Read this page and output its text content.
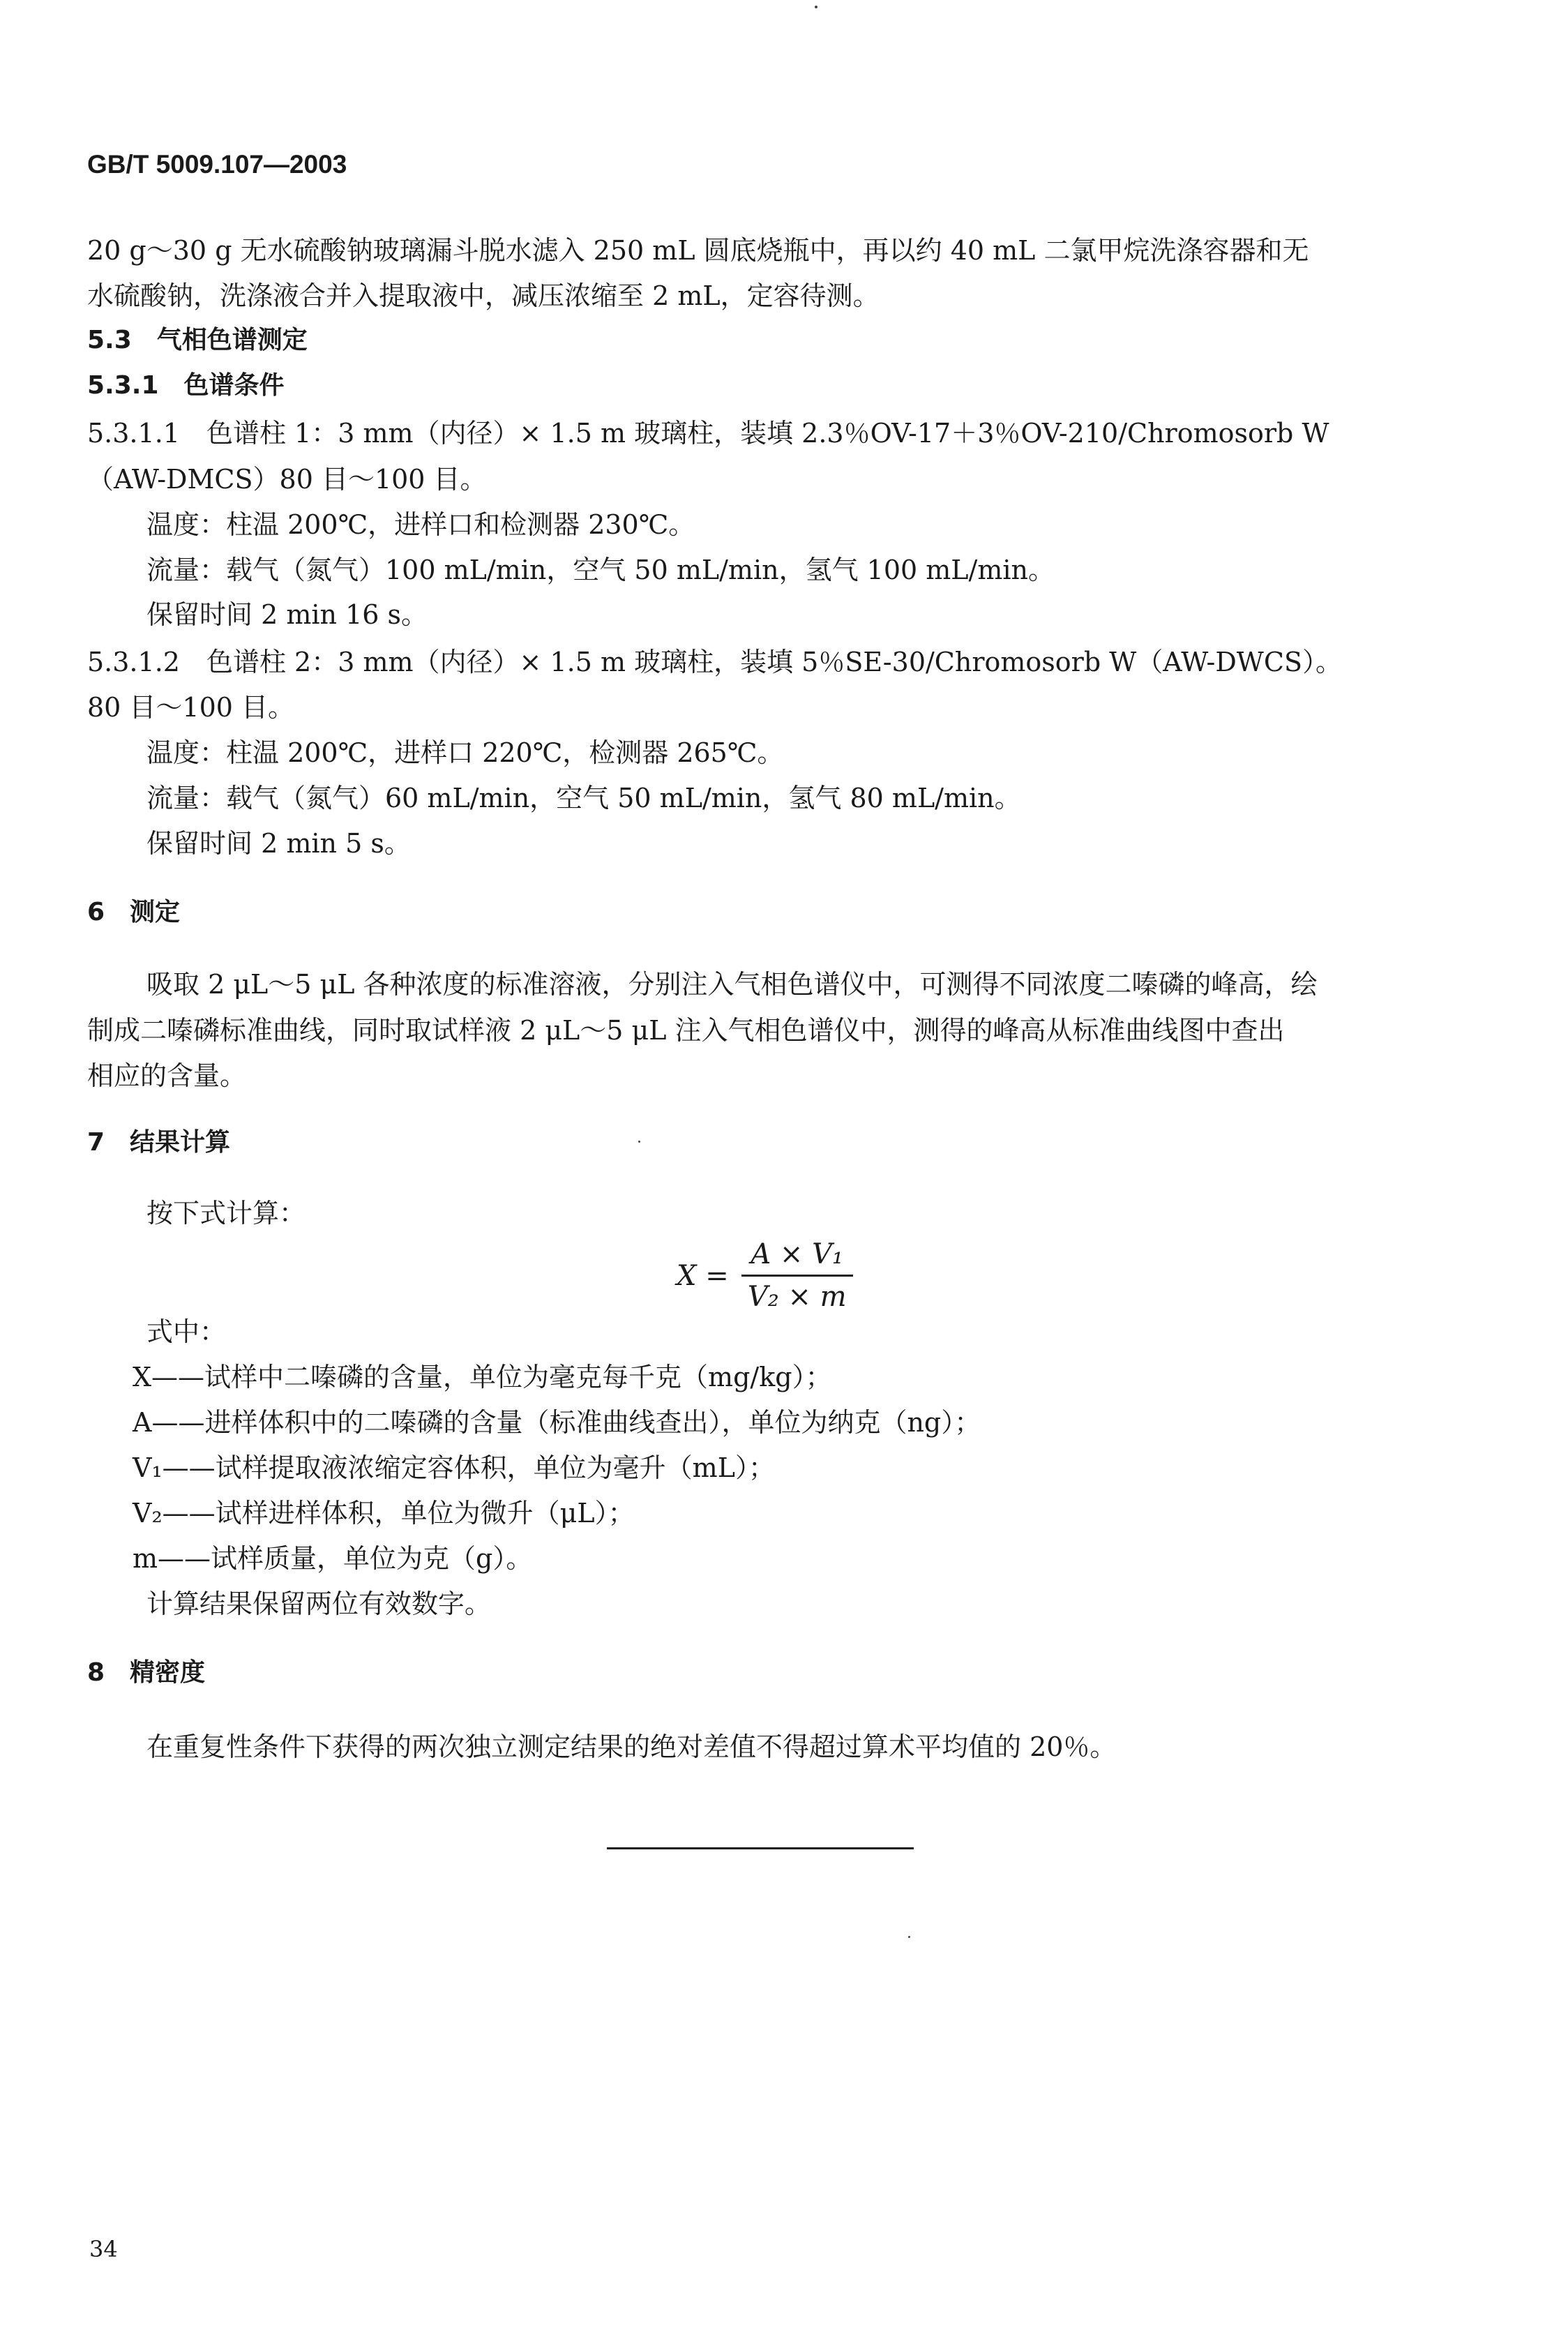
GB/T 5009.107—2003
20 g～30 g 无水硫酸钠玻璃漏斗脱水滤入 250 mL 圆底烧瓶中，再以约 40 mL 二氯甲烷洗涤容器和无
水硫酸钠，洗涤液合并入提取液中，减压浓缩至 2 mL，定容待测。
5.3　气相色谱测定
5.3.1　色谱条件
5.3.1.1　色谱柱 1：3 mm（内径）× 1.5 m 玻璃柱，装填 2.3％OV-17＋3％OV-210/Chromosorb W
（AW-DMCS）80 目～100 目。
温度：柱温 200℃，进样口和检测器 230℃。
流量：载气（氮气）100 mL/min，空气 50 mL/min，氢气 100 mL/min。
保留时间 2 min 16 s。
5.3.1.2　色谱柱 2：3 mm（内径）× 1.5 m 玻璃柱，装填 5％SE-30/Chromosorb W（AW-DWCS）。
80 目～100 目。
温度：柱温 200℃，进样口 220℃，检测器 265℃。
流量：载气（氮气）60 mL/min，空气 50 mL/min，氢气 80 mL/min。
保留时间 2 min 5 s。
6　测定
吸取 2 μL～5 μL 各种浓度的标准溶液，分别注入气相色谱仪中，可测得不同浓度二嗪磷的峰高，绘
制成二嗪磷标准曲线，同时取试样液 2 μL～5 μL 注入气相色谱仪中，测得的峰高从标准曲线图中查出
相应的含量。
7　结果计算
按下式计算：
$X = \frac{\text{A × V₁}}{\text{V₂ × m}}$
式中：
X——试样中二嗪磷的含量，单位为毫克每千克（mg/kg）；
A——进样体积中的二嗪磷的含量（标准曲线查出），单位为纳克（ng）；
V₁——试样提取液浓缩定容体积，单位为毫升（mL）；
V₂——试样进样体积，单位为微升（μL）；
m——试样质量，单位为克（g）。
计算结果保留两位有效数字。
8　精密度
在重复性条件下获得的两次独立测定结果的绝对差值不得超过算术平均值的 20％。
34
